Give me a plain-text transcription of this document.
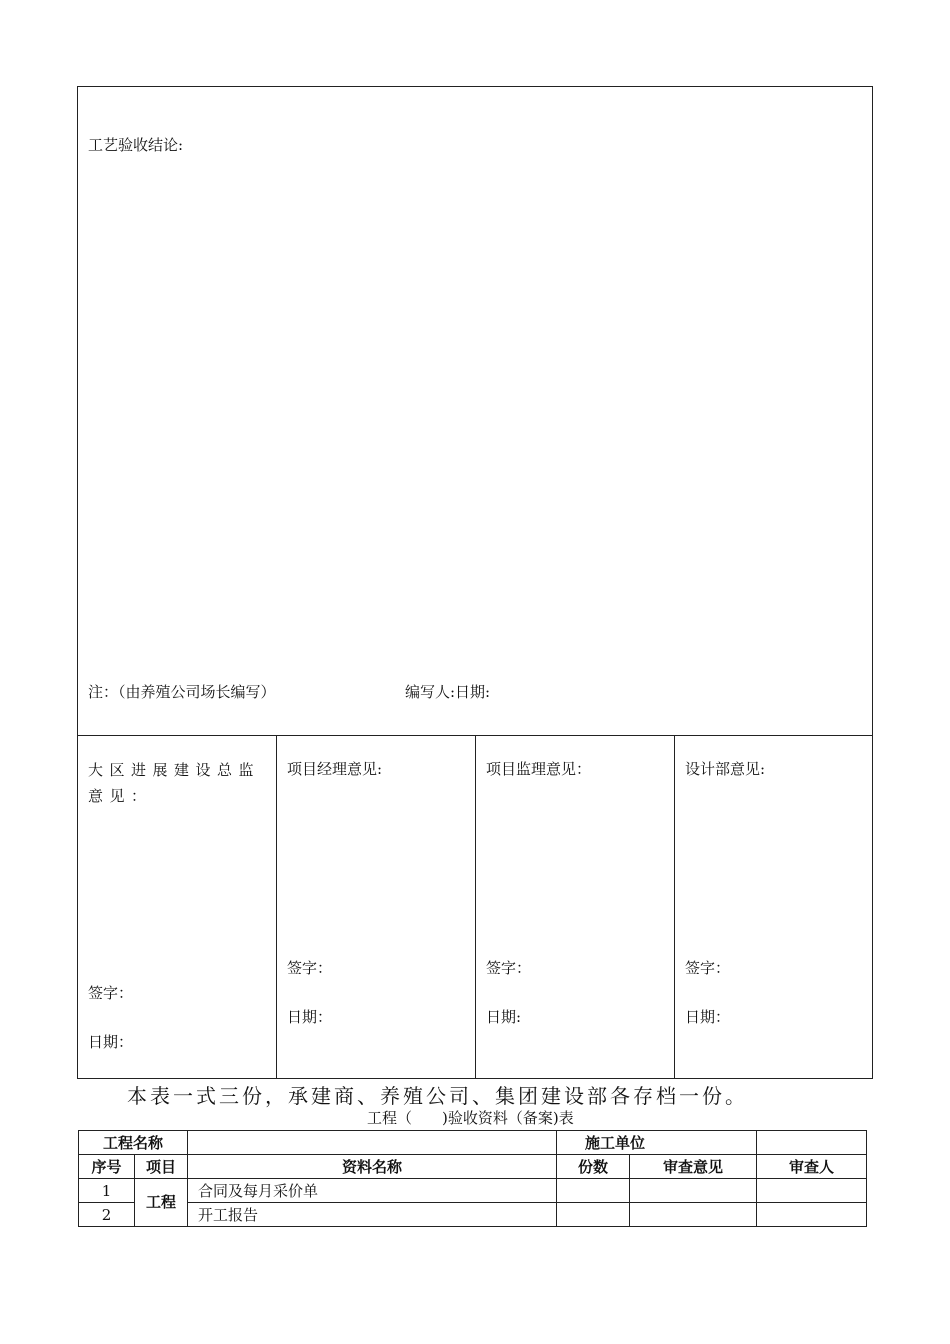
工艺验收结论:
注：（由养殖公司场长编写）	编写人:日期:
大区进展建设总监意见：
签字：
日期：
项目经理意见:
签字：
日期：
项目监理意见：
签字：
日期:
设计部意见:
签字：
日期：
本表一式三份，承建商、养殖公司、集团建设部各存档一份。
工程（　　)验收资料（备案)表
工程名称			施工单位		
序号	项目	资料名称	份数	审查意见	审查人
1	工程	合同及每月采价单			
2		开工报告			
